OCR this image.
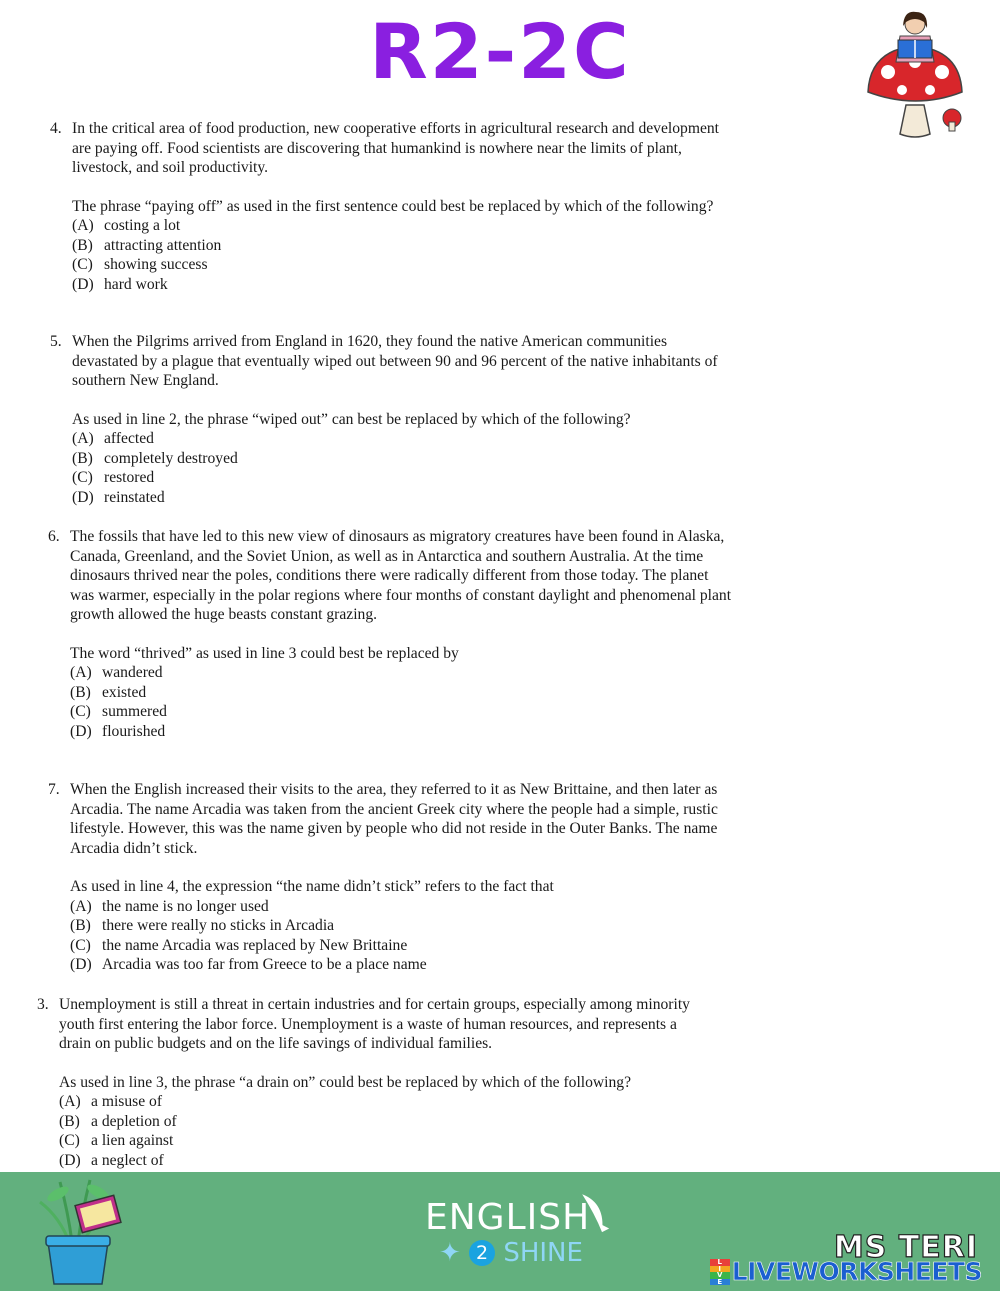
R2-2C
4. In the critical area of food production, new cooperative efforts in agricultural research and development are paying off. Food scientists are discovering that humankind is nowhere near the limits of plant, livestock, and soil productivity.

The phrase “paying off” as used in the first sentence could best be replaced by which of the following?

(A) costing a lot
(B) attracting attention
(C) showing success
(D) hard work
5. When the Pilgrims arrived from England in 1620, they found the native American communities devastated by a plague that eventually wiped out between 90 and 96 percent of the native inhabitants of southern New England.

As used in line 2, the phrase “wiped out” can best be replaced by which of the following?

(A) affected
(B) completely destroyed
(C) restored
(D) reinstated
6. The fossils that have led to this new view of dinosaurs as migratory creatures have been found in Alaska, Canada, Greenland, and the Soviet Union, as well as in Antarctica and southern Australia. At the time dinosaurs thrived near the poles, conditions there were radically different from those today. The planet was warmer, especially in the polar regions where four months of constant daylight and phenomenal plant growth allowed the huge beasts constant grazing.

The word “thrived” as used in line 3 could best be replaced by

(A) wandered
(B) existed
(C) summered
(D) flourished
7. When the English increased their visits to the area, they referred to it as New Brittaine, and then later as Arcadia. The name Arcadia was taken from the ancient Greek city where the people had a simple, rustic lifestyle. However, this was the name given by people who did not reside in the Outer Banks. The name Arcadia didn’t stick.

As used in line 4, the expression “the name didn’t stick” refers to the fact that

(A) the name is no longer used
(B) there were really no sticks in Arcadia
(C) the name Arcadia was replaced by New Brittaine
(D) Arcadia was too far from Greece to be a place name
3. Unemployment is still a threat in certain industries and for certain groups, especially among minority youth first entering the labor force. Unemployment is a waste of human resources, and represents a drain on public budgets and on the life savings of individual families.

As used in line 3, the phrase “a drain on” could best be replaced by which of the following?

(A) a misuse of
(B) a depletion of
(C) a lien against
(D) a neglect of
ENGLISH
✦ 2 SHINE	MS TERI
L
I
V
E LIVEWORKSHEETS
